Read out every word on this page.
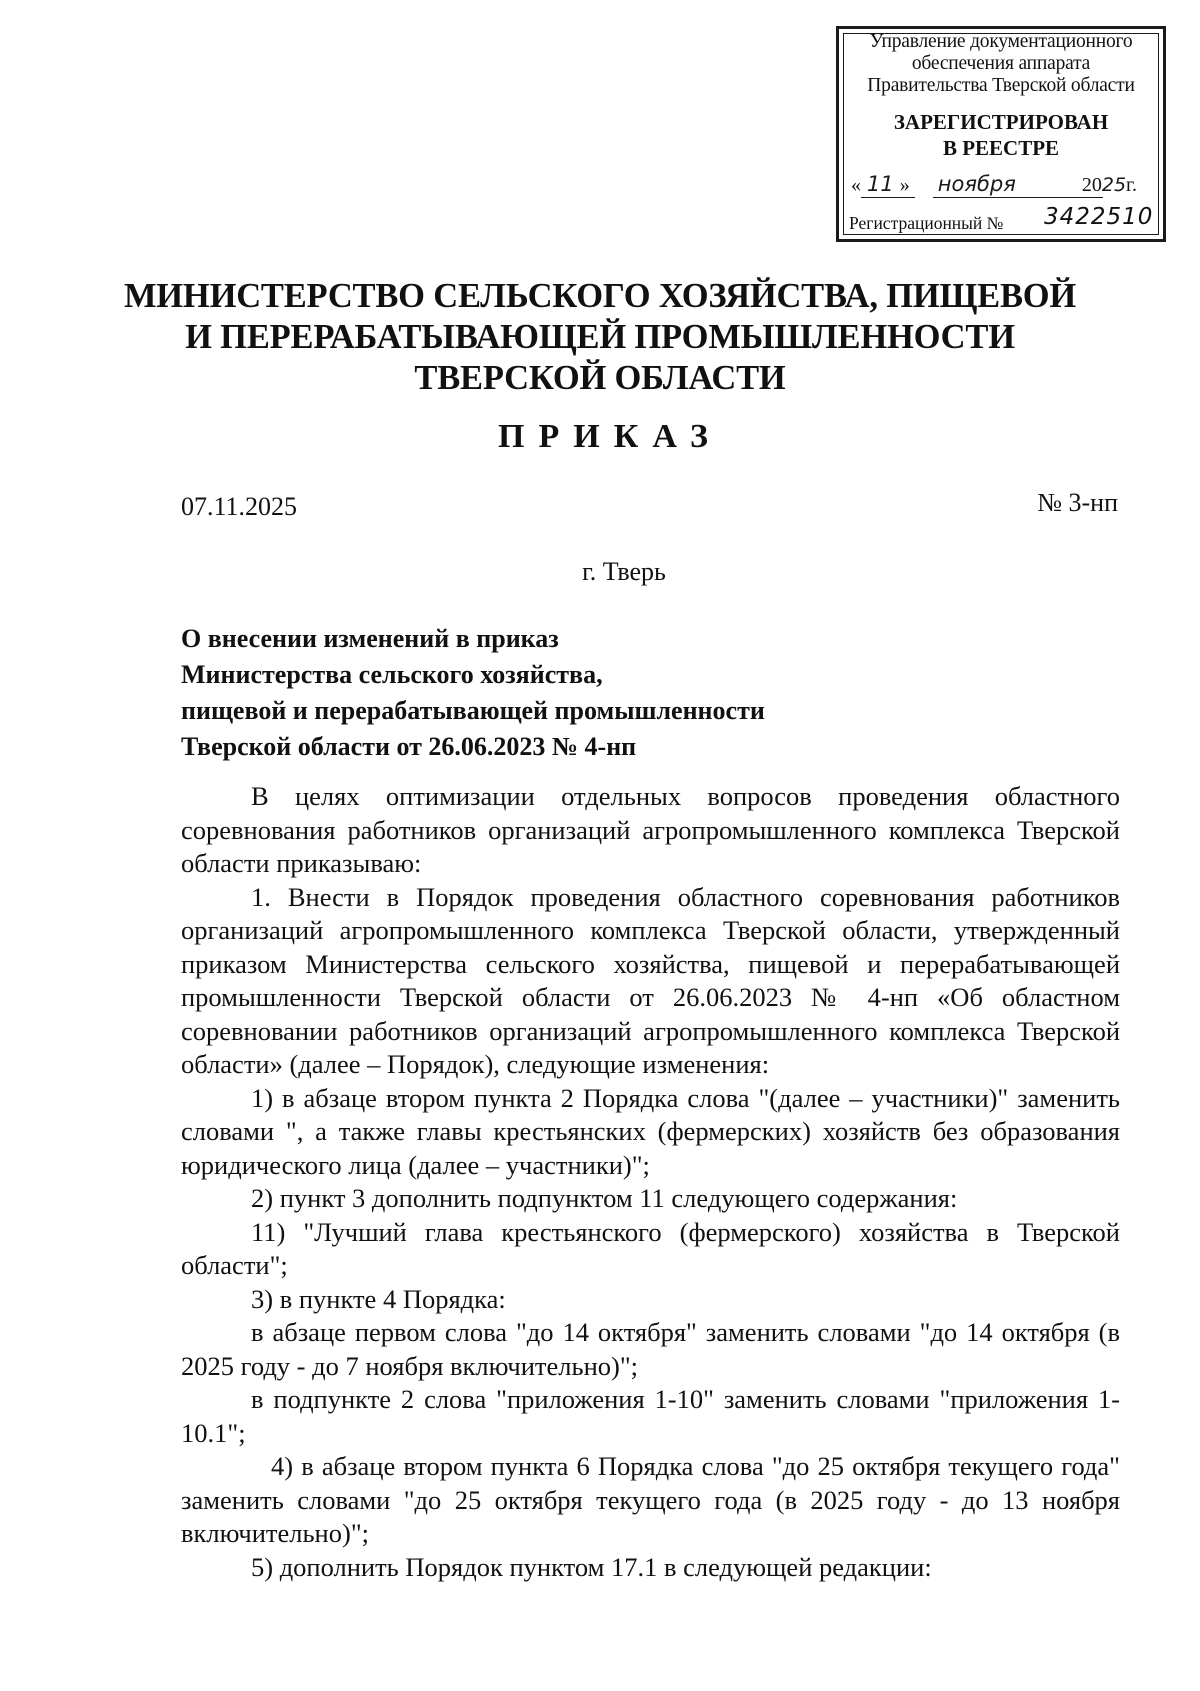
Управление документационного
обеспечения аппарата
Правительства Тверской области
ЗАРЕГИСТРИРОВАН
В РЕЕСТРЕ
« 11 » ноября	2025г.
Регистрационный № 3422510
МИНИСТЕРСТВО СЕЛЬСКОГО ХОЗЯЙСТВА, ПИЩЕВОЙ
И ПЕРЕРАБАТЫВАЮЩЕЙ ПРОМЫШЛЕННОСТИ
ТВЕРСКОЙ ОБЛАСТИ
ПРИКАЗ
07.11.2025	№ 3-нп
г. Тверь
О внесении изменений в приказ
Министерства сельского хозяйства,
пищевой и перерабатывающей промышленности
Тверской области от 26.06.2023 № 4-нп

В целях оптимизации отдельных вопросов проведения областного соревнования работников организаций агропромышленного комплекса Тверской области приказываю:

1. Внести в Порядок проведения областного соревнования работников организаций агропромышленного комплекса Тверской области, утвержденный приказом Министерства сельского хозяйства, пищевой и перерабатывающей промышленности Тверской области от 26.06.2023 № 4-нп «Об областном соревновании работников организаций агропромышленного комплекса Тверской области» (далее – Порядок), следующие изменения:

1) в абзаце втором пункта 2 Порядка слова "(далее – участники)" заменить словами ", а также главы крестьянских (фермерских) хозяйств без образования юридического лица (далее – участники)";

2) пункт 3 дополнить подпунктом 11 следующего содержания:

11) "Лучший глава крестьянского (фермерского) хозяйства в Тверской области";

3) в пункте 4 Порядка:

в абзаце первом слова "до 14 октября" заменить словами "до 14 октября (в 2025 году - до 7 ноября включительно)";

в подпункте 2 слова "приложения 1-10" заменить словами "приложения 1-10.1";

4) в абзаце втором пункта 6 Порядка слова "до 25 октября текущего года" заменить словами "до 25 октября текущего года (в 2025 году - до 13 ноября включительно)";

5) дополнить Порядок пунктом 17.1 в следующей редакции:
